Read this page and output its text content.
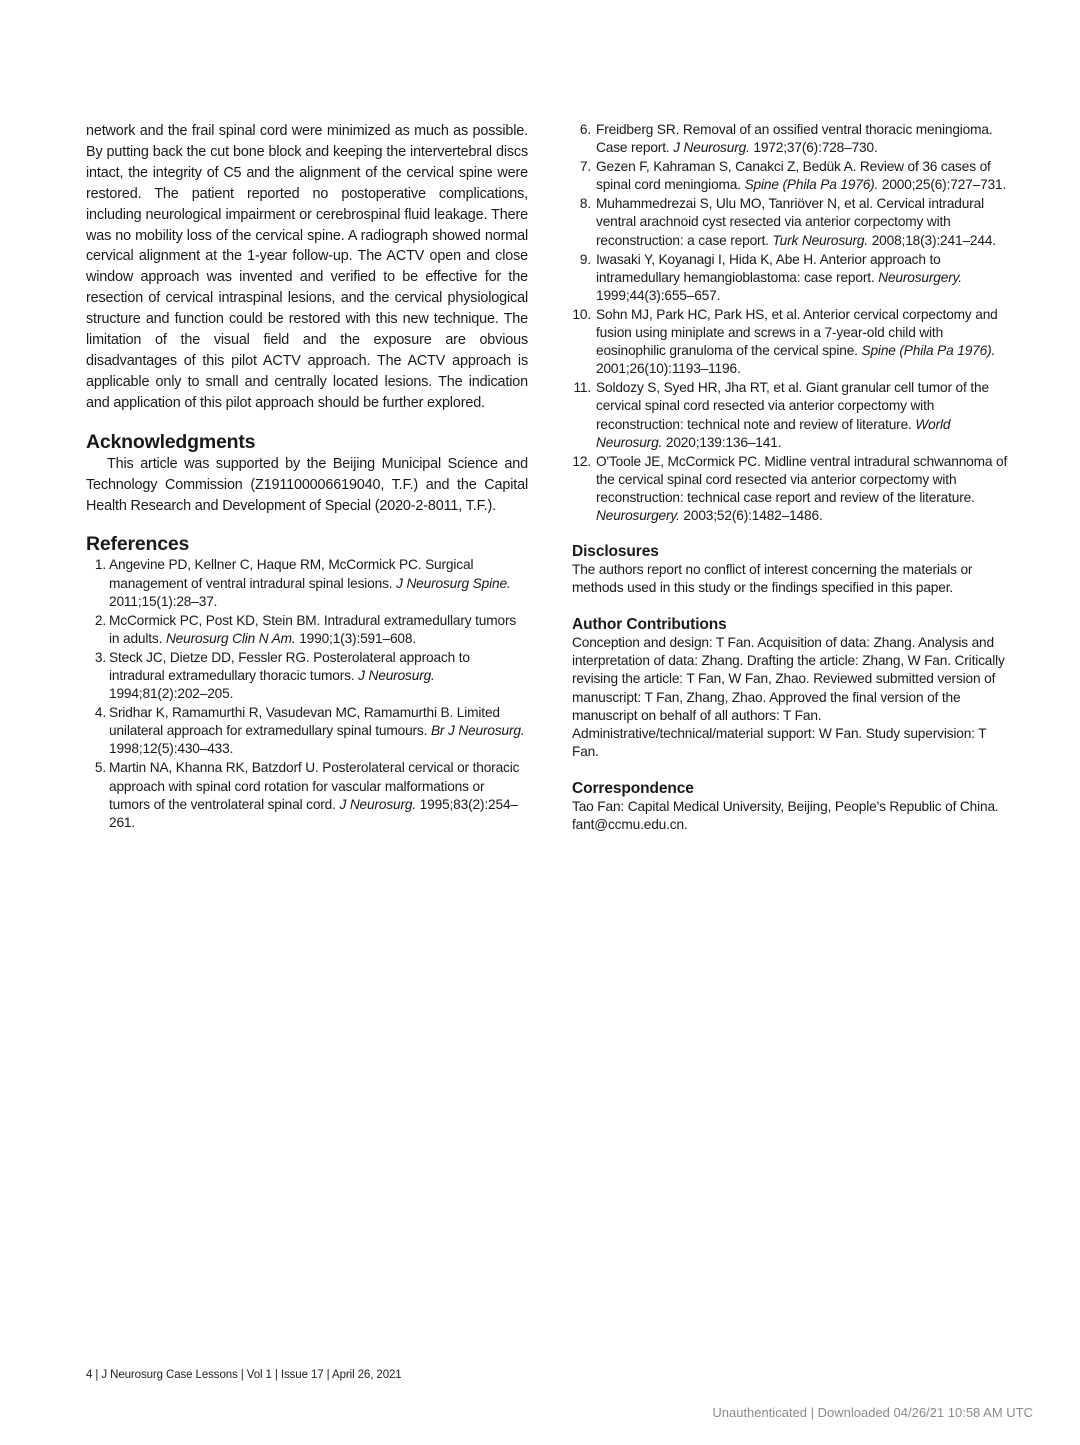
network and the frail spinal cord were minimized as much as possible. By putting back the cut bone block and keeping the intervertebral discs intact, the integrity of C5 and the alignment of the cervical spine were restored. The patient reported no postoperative complications, including neurological impairment or cerebrospinal fluid leakage. There was no mobility loss of the cervical spine. A radiograph showed normal cervical alignment at the 1-year follow-up. The ACTV open and close window approach was invented and verified to be effective for the resection of cervical intraspinal lesions, and the cervical physiological structure and function could be restored with this new technique. The limitation of the visual field and the exposure are obvious disadvantages of this pilot ACTV approach. The ACTV approach is applicable only to small and centrally located lesions. The indication and application of this pilot approach should be further explored.

Acknowledgments

This article was supported by the Beijing Municipal Science and Technology Commission (Z191100006619040, T.F.) and the Capital Health Research and Development of Special (2020-2-8011, T.F.).

References
1. Angevine PD, Kellner C, Haque RM, McCormick PC. Surgical management of ventral intradural spinal lesions. J Neurosurg Spine. 2011;15(1):28–37.
2. McCormick PC, Post KD, Stein BM. Intradural extramedullary tumors in adults. Neurosurg Clin N Am. 1990;1(3):591–608.
3. Steck JC, Dietze DD, Fessler RG. Posterolateral approach to intradural extramedullary thoracic tumors. J Neurosurg. 1994;81(2):202–205.
4. Sridhar K, Ramamurthi R, Vasudevan MC, Ramamurthi B. Limited unilateral approach for extramedullary spinal tumours. Br J Neurosurg. 1998;12(5):430–433.
5. Martin NA, Khanna RK, Batzdorf U. Posterolateral cervical or thoracic approach with spinal cord rotation for vascular malformations or tumors of the ventrolateral spinal cord. J Neurosurg. 1995;83(2):254–261.
6. Freidberg SR. Removal of an ossified ventral thoracic meningioma. Case report. J Neurosurg. 1972;37(6):728–730.
7. Gezen F, Kahraman S, Canakci Z, Bedük A. Review of 36 cases of spinal cord meningioma. Spine (Phila Pa 1976). 2000;25(6):727–731.
8. Muhammedrezai S, Ulu MO, Tanriöver N, et al. Cervical intradural ventral arachnoid cyst resected via anterior corpectomy with reconstruction: a case report. Turk Neurosurg. 2008;18(3):241–244.
9. Iwasaki Y, Koyanagi I, Hida K, Abe H. Anterior approach to intramedullary hemangioblastoma: case report. Neurosurgery. 1999;44(3):655–657.
10. Sohn MJ, Park HC, Park HS, et al. Anterior cervical corpectomy and fusion using miniplate and screws in a 7-year-old child with eosinophilic granuloma of the cervical spine. Spine (Phila Pa 1976). 2001;26(10):1193–1196.
11. Soldozy S, Syed HR, Jha RT, et al. Giant granular cell tumor of the cervical spinal cord resected via anterior corpectomy with reconstruction: technical note and review of literature. World Neurosurg. 2020;139:136–141.
12. O'Toole JE, McCormick PC. Midline ventral intradural schwannoma of the cervical spinal cord resected via anterior corpectomy with reconstruction: technical case report and review of the literature. Neurosurgery. 2003;52(6):1482–1486.
Disclosures

The authors report no conflict of interest concerning the materials or methods used in this study or the findings specified in this paper.

Author Contributions

Conception and design: T Fan. Acquisition of data: Zhang. Analysis and interpretation of data: Zhang. Drafting the article: Zhang, W Fan. Critically revising the article: T Fan, W Fan, Zhao. Reviewed submitted version of manuscript: T Fan, Zhang, Zhao. Approved the final version of the manuscript on behalf of all authors: T Fan. Administrative/technical/material support: W Fan. Study supervision: T Fan.

Correspondence

Tao Fan: Capital Medical University, Beijing, People's Republic of China. fant@ccmu.edu.cn.

4 | J Neurosurg Case Lessons | Vol 1 | Issue 17 | April 26, 2021
Unauthenticated | Downloaded 04/26/21 10:58 AM UTC
